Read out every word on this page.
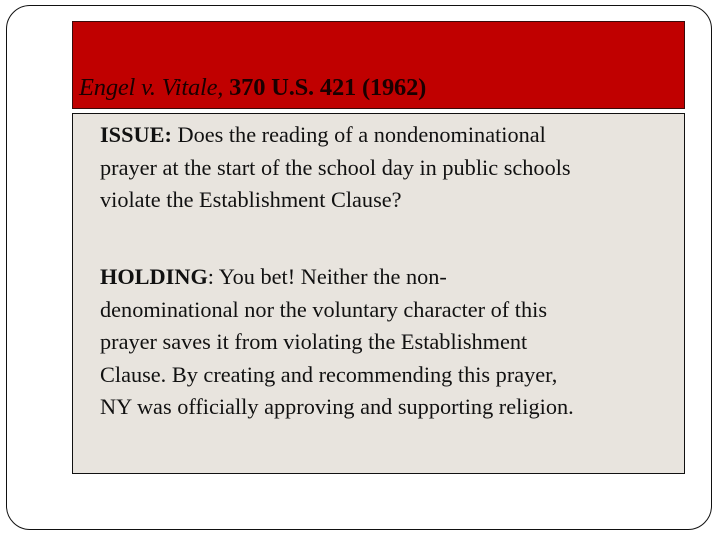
Engel v. Vitale, 370 U.S. 421 (1962)
ISSUE: Does the reading of a nondenominational
prayer at the start of the school day in public schools
violate the Establishment Clause?
HOLDING: You bet! Neither the non-
denominational nor the voluntary character of this
prayer saves it from violating the Establishment
Clause. By creating and recommending this prayer,
NY was officially approving and supporting religion.
